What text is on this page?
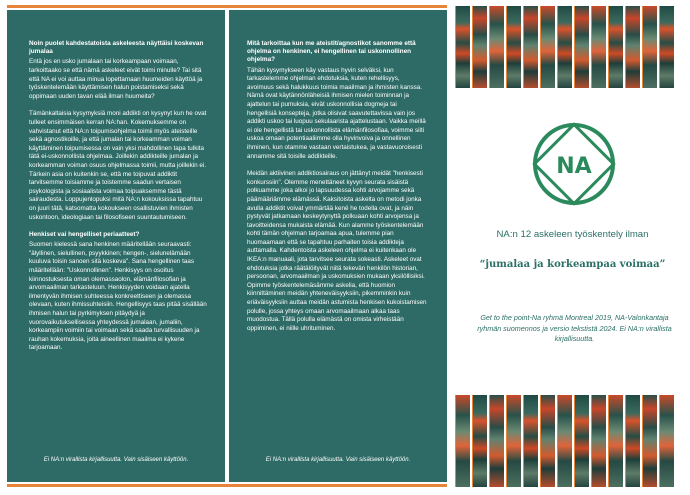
Noin puolet kahdestatoista askeleesta näyttäisi koskevan jumalaa

Entä jos en usko jumalaan tai korkeampaan voimaan, tarkoittaako se että nämä askeleet eivät toimi minulle? Tai sitä että NA ei voi auttaa minua lopettamaan huumeiden käyttöä ja työskentelemään käyttämisen halun poistamiseksi sekä oppimaan uuden tavan elää ilman huumeita?

Tämänkaltaisia kysymyksiä moni addikti on kysynyt kun he ovat tulleet ensimmäisen kerran NA:han. Kokemuksemme on vahvistanut että NA:n toipumisohjelma toimii myös ateisteille sekä agnostikoille, ja että jumalan tai korkeamman voiman käyttäminen toipumisessa on vain yksi mahdollinen tapa tulkita tätä ei-uskonnollista ohjelmaa. Joillekin addikteille jumalan ja korkeamman voiman osuus ohjelmassa toimii, mutta joillekin ei. Tärkein asia on kuitenkin se, että me toipuvat addiktit tarvitsemme toisiamme ja toistemme saadun vertaisen psykologista ja sosiaalista voimaa toipuaksemme tästä sairaudesta. Loppujenlopuksi mitä NA:n kokouksissa tapahtuu on juuri tätä, katsomatta kokoukseen osallistuvien ihmisten uskontoon, ideologiaan tai filosofiseen suuntautumiseen.

Henkiset vai hengelliset periaatteet?

Suomen kielessä sana henkinen määritellään seuraavasti: "älyllinen, sielullinen, psyykkinen; hengen-, sielunelämään kuuluva toisin sanoen sitä koskeva". Sana hengellinen taas määritellään: "Uskonnollinen". Henkisyys on osoitus kiinnostuksesta oman olemassaolon, elämänfilosofian ja arvomaailman tarkasteluun. Henkisyyden voidaan ajatella ilmentyvän ihmisen suhteessa konkreettiseen ja olemassa olevaan, kuten ihmissuhteisiin. Hengellisyys taas pitää sisällään ihmisen halun tai pyrkimyksen pitäydyä ja vuorovaikutuksellisessa yhteydessä jumalaan, jumaliin, korkeampiin voimiin tai voimaan sekä saada turvallisuuden ja rauhan kokemuksia, joita aineellinen maailma ei kykene tarjoamaan.

Ei NA:n virallista kirjallisuutta. Vain sisäiseen käyttöön.
Mitä tarkoittaa kun me ateistit/agnostikot sanomme että ohjelma on henkinen, ei hengellinen tai uskonnollinen ohjelma?

Tähän kysymykseen käy vastaus hyvin selväksi, kun tarkastelemme ohjelman ehdotuksia, kuten rehellisyys, avoimuus sekä halukkuus toimia maailman ja ihmisten kanssa. Nämä ovat käytännönläheisiä ihmisen mielen toiminnan ja ajattelun tai pumuksia, eivät uskonnollisia dogmeja tai hengellisiä konsepteja, jotka olisivat saavutettavissa vain jos addikti uskoo tai luopuu sekulaarista ajattelustaan. Vaikka meillä ei ole hengellistä tai uskonnollista elämänfilosofiaa, voimme silti uskoa omaan potentiaaliimme olla hyvinvoiva ja onnellinen ihminen, kun otamme vastaan vertaistukea, ja vastavuoroisesti annamme sitä toisille addikteille.

Meidän aktiivinen addiktiosairaus on jättänyt meidät "henkisesti konkurssiin". Olemme menettäneet kyvyn seurata sisäistä polkuamme joka alkoi jo lapsuudessa kohti arvojamme sekä päämääriämme elämässä. Kaksitoista askelta on metodi jonka avulla addiktit voivat ymmärtää kenë he todella ovat, ja näin pystyvät jatkamaan keskeytynyttä polkuaan kohti arvojensa ja tavoitteidensa mukaista elämää. Kun alamme työskentelemään kohti tämän ohjelman tarjoamaa apua, tulemme pian huomaamaan että se tapahtuu parhaiten toisia addikteja auttamalla. Kahdentoista askeleen ohjelma ei kuitenkaan ole IKEA:n manuaali, jota tarvitsee seurata sokeasti. Askeleet ovat ehdotuksia jotka räätälöityvät niitä tekevän henkilön historian, persoonan, arvomaailman ja uskomuksien mukaan yksilöllisiksi. Opimme työskentelemäsämme askelia, että huomion kiinnittäminen meidän yhteneväisyyksiin, pikemminkin kuin eriäväisyyksiin auttaa meidän astumista henkisen kukoistamisen polulle, jossa yhteys omaan arvomaailmaan alkaa taas muodostua. Tällä polulla elämästä on omista virheistään oppiminen, ei niille uhrituminen.

Ei NA:n virallista kirjallisuutta. Vain sisäiseen käyttöön.
NA
NA:n 12 askeleen työskentely ilman
“jumalaa ja korkeampaa voimaa”
Get to the point-Na ryhmä Montreal 2019, NA-Valonkantaja ryhmän suomennos ja versio tekstistä 2024. Ei NA:n virallista kirjallisuutta.
